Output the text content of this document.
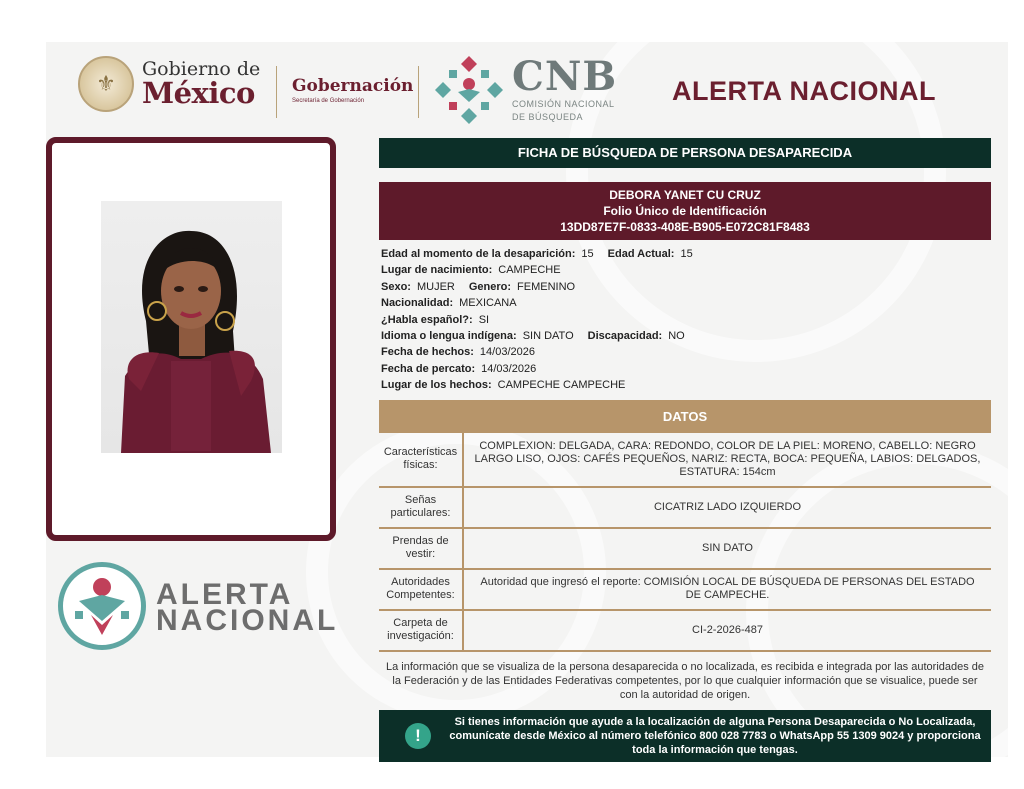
⚜
Gobierno de
México	Gobernación
Secretaría de Gobernación
CNB
COMISIÓN NACIONAL
DE BÚSQUEDA
ALERTA NACIONAL
ALERTA
NACIONAL
FICHA DE BÚSQUEDA DE PERSONA DESAPARECIDA
DEBORA YANET CU CRUZ
Folio Único de Identificación
13DD87E7F-0833-408E-B905-E072C81F8483
Edad al momento de la desaparición: 15 Edad Actual: 15
Lugar de nacimiento: CAMPECHE
Sexo: MUJER Genero: FEMENINO
Nacionalidad: MEXICANA
¿Habla español?: SI
Idioma o lengua indígena: SIN DATO Discapacidad: NO
Fecha de hechos: 14/03/2026
Fecha de percato: 14/03/2026
Lugar de los hechos: CAMPECHE CAMPECHE
DATOS
Características físicas:	COMPLEXION: DELGADA, CARA: REDONDO, COLOR DE LA PIEL: MORENO, CABELLO: NEGRO LARGO LISO, OJOS: CAFÉS PEQUEÑOS, NARIZ: RECTA, BOCA: PEQUEÑA, LABIOS: DELGADOS, ESTATURA: 154cm
Señas particulares:	CICATRIZ LADO IZQUIERDO
Prendas de vestir:	SIN DATO
Autoridades Competentes:	Autoridad que ingresó el reporte: COMISIÓN LOCAL DE BÚSQUEDA DE PERSONAS DEL ESTADO DE CAMPECHE.
Carpeta de investigación:	CI-2-2026-487
La información que se visualiza de la persona desaparecida o no localizada, es recibida e integrada por las autoridades de la Federación y de las Entidades Federativas competentes, por lo que cualquier información que se visualice, puede ser con la autoridad de origen.
!
Si tienes información que ayude a la localización de alguna Persona Desaparecida o No Localizada, comunícate desde México al número telefónico 800 028 7783 o WhatsApp 55 1309 9024 y proporciona toda la información que tengas.
